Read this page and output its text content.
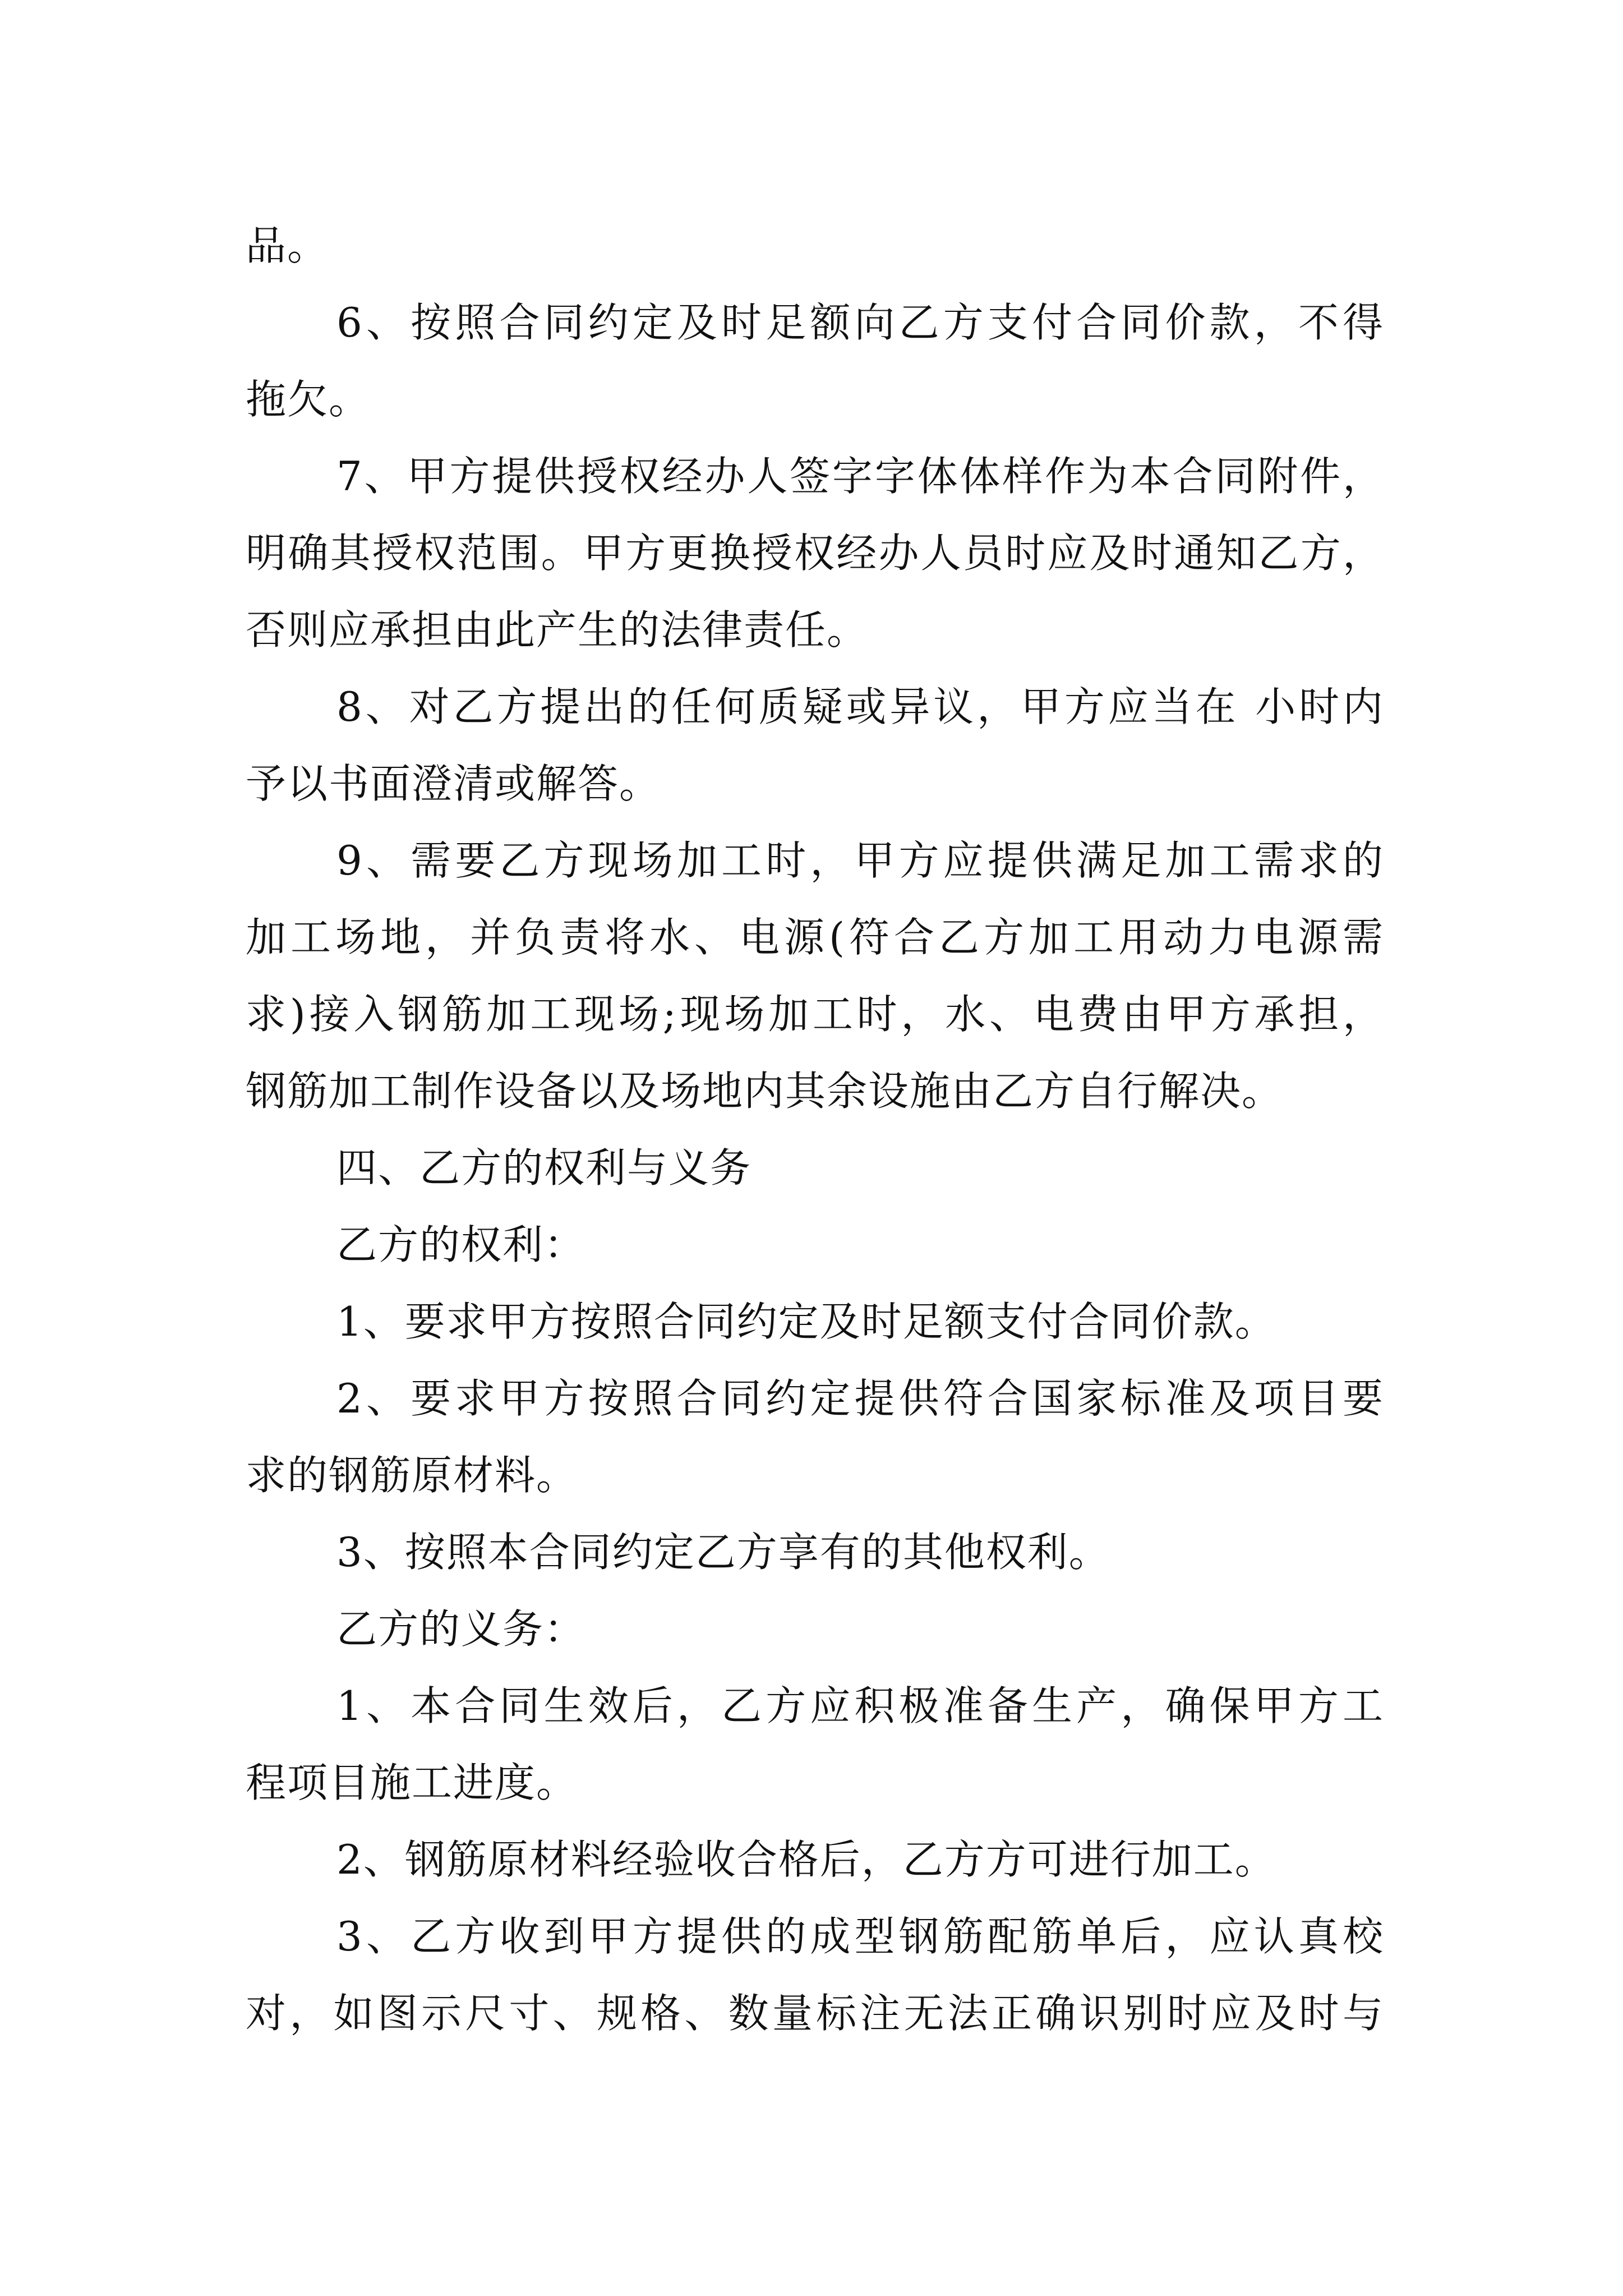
品。
6、按照合同约定及时足额向乙方支付合同价款，不得
拖欠。
7、甲方提供授权经办人签字字体体样作为本合同附件，
明确其授权范围。甲方更换授权经办人员时应及时通知乙方，
否则应承担由此产生的法律责任。
8、对乙方提出的任何质疑或异议，甲方应当在 小时内
予以书面澄清或解答。
9、需要乙方现场加工时，甲方应提供满足加工需求的
加工场地，并负责将水、电源(符合乙方加工用动力电源需
求)接入钢筋加工现场;现场加工时，水、电费由甲方承担，
钢筋加工制作设备以及场地内其余设施由乙方自行解决。
四、乙方的权利与义务
乙方的权利：
1、要求甲方按照合同约定及时足额支付合同价款。
2、要求甲方按照合同约定提供符合国家标准及项目要
求的钢筋原材料。
3、按照本合同约定乙方享有的其他权利。
乙方的义务：
1、本合同生效后，乙方应积极准备生产，确保甲方工
程项目施工进度。
2、钢筋原材料经验收合格后，乙方方可进行加工。
3、乙方收到甲方提供的成型钢筋配筋单后，应认真校
对，如图示尺寸、规格、数量标注无法正确识别时应及时与
